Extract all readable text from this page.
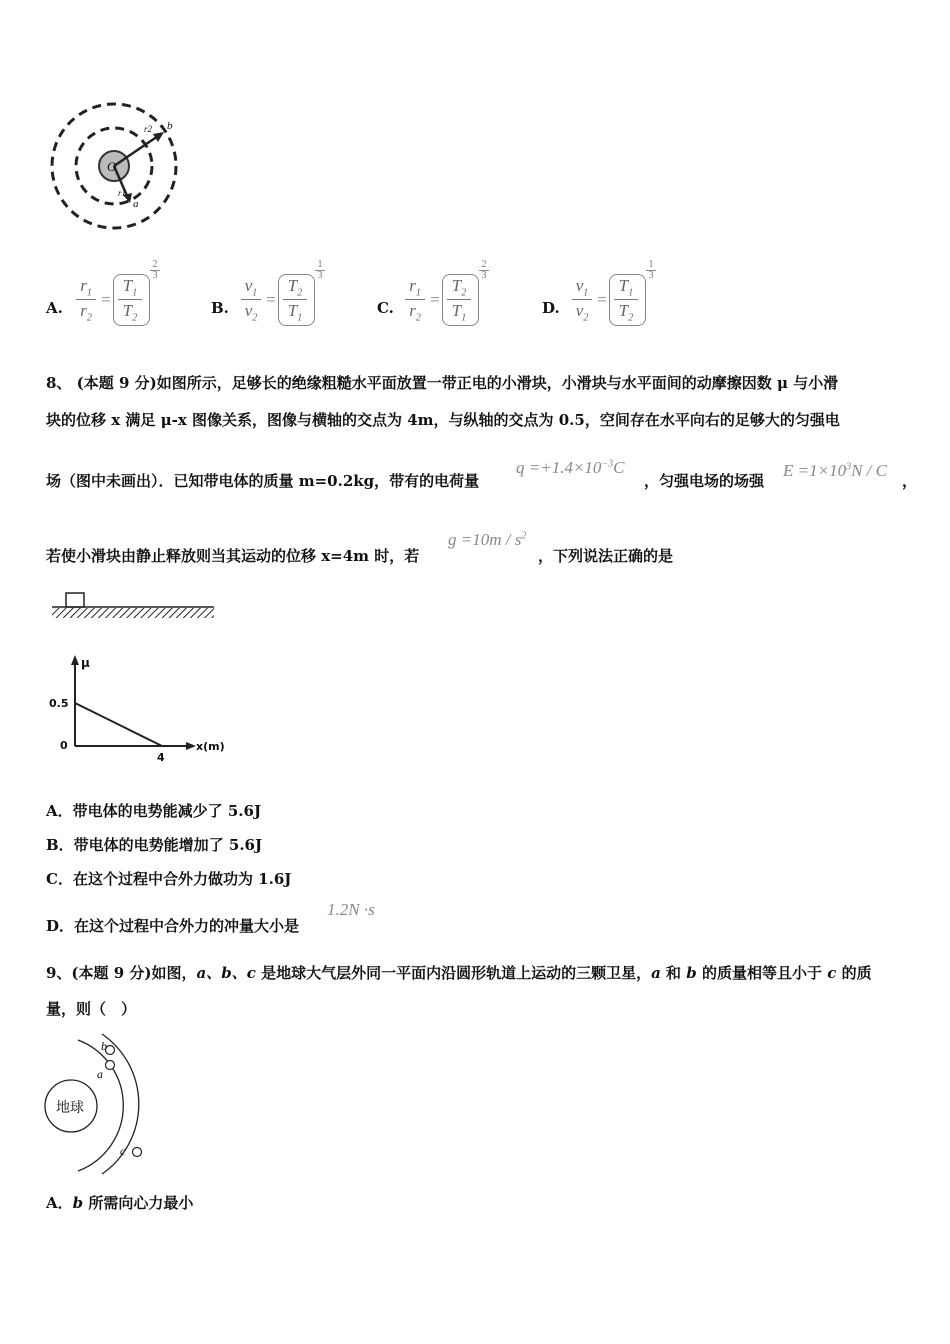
O
r2 b
r1
a
A.
$r_1$
$r_2$
=
$T_1$
$T_2$
2
3
B.
$v_1$
$v_2$
=
$T_2$
$T_1$
1
3
C.
$r_1$
$r_2$
=
$T_2$
$T_1$
2
3
D.
$v_1$
$v_2$
=
$T_1$
$T_2$
1
3
8、 (本题 9 分)如图所示，足够长的绝缘粗糙水平面放置一带正电的小滑块，小滑块与水平面间的动摩擦因数 μ 与小滑
块的位移 x 满足 μ-x 图像关系，图像与横轴的交点为 4m，与纵轴的交点为 0.5，空间存在水平向右的足够大的匀强电
场（图中未画出）．已知带电体的质量 m=0.2kg，带有的电荷量
$q =+1.4\times 10^{-3}C$
，匀强电场的场强
$E =1\times 10^3N / C$
，
若使小滑块由静止释放则当其运动的位移 x=4m 时，若
$g =10m / s^2$
，下列说法正确的是
μ
x(m)
0.5
0
4
A．带电体的电势能减少了 5.6J
B．带电体的电势能增加了 5.6J
C．在这个过程中合外力做功为 1.6J
D．在这个过程中合外力的冲量大小是
1.2N ·s
9、(本题 9 分)如图，a、b、c 是地球大气层外同一平面内沿圆形轨道上运动的三颗卫星，a 和 b 的质量相等且小于 c 的质
量，则（　）
地球
b
a
c
A．b 所需向心力最小
